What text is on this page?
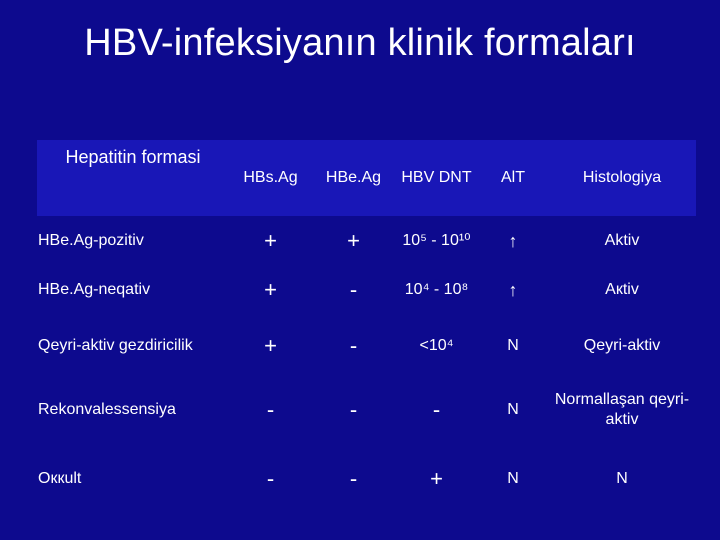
HBV-infeksiyanın klinik formaları
Hepatitin formasi	HBs.Ag	HBe.Ag	HBV DNT	AlT	Histologiya
HBe.Ag-pozitiv	+	+	10⁵ - 10¹⁰	↑	Aktiv
HBe.Ag-neqativ	+	-	10⁴ - 10⁸	↑	Aкtiv
Qeyri-aktiv gezdiricilik	+	-	<10⁴	N	Qeyri-aktiv
Rekonvalessensiya	-	-	-	N	Normallaşan qeyri-aktiv
Oккult	-	-	+	N	N
